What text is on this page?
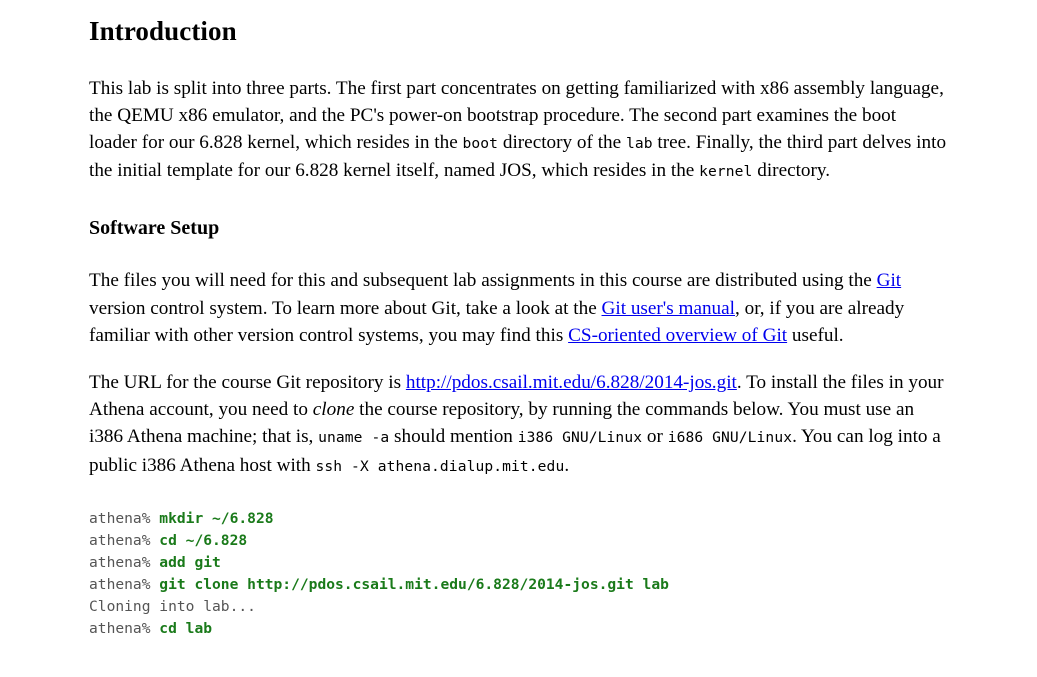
Introduction

This lab is split into three parts. The first part concentrates on getting familiarized with x86 assembly language, the QEMU x86 emulator, and the PC's power-on bootstrap procedure. The second part examines the boot loader for our 6.828 kernel, which resides in the boot directory of the lab tree. Finally, the third part delves into the initial template for our 6.828 kernel itself, named JOS, which resides in the kernel directory.

Software Setup

The files you will need for this and subsequent lab assignments in this course are distributed using the Git version control system. To learn more about Git, take a look at the Git user's manual, or, if you are already familiar with other version control systems, you may find this CS-oriented overview of Git useful.

The URL for the course Git repository is http://pdos.csail.mit.edu/6.828/2014-jos.git. To install the files in your Athena account, you need to clone the course repository, by running the commands below. You must use an i386 Athena machine; that is, uname -a should mention i386 GNU/Linux or i686 GNU/Linux. You can log into a public i386 Athena host with ssh -X athena.dialup.mit.edu.

athena% mkdir ~/6.828
athena% cd ~/6.828
athena% add git
athena% git clone http://pdos.csail.mit.edu/6.828/2014-jos.git lab
Cloning into lab...
athena% cd lab
